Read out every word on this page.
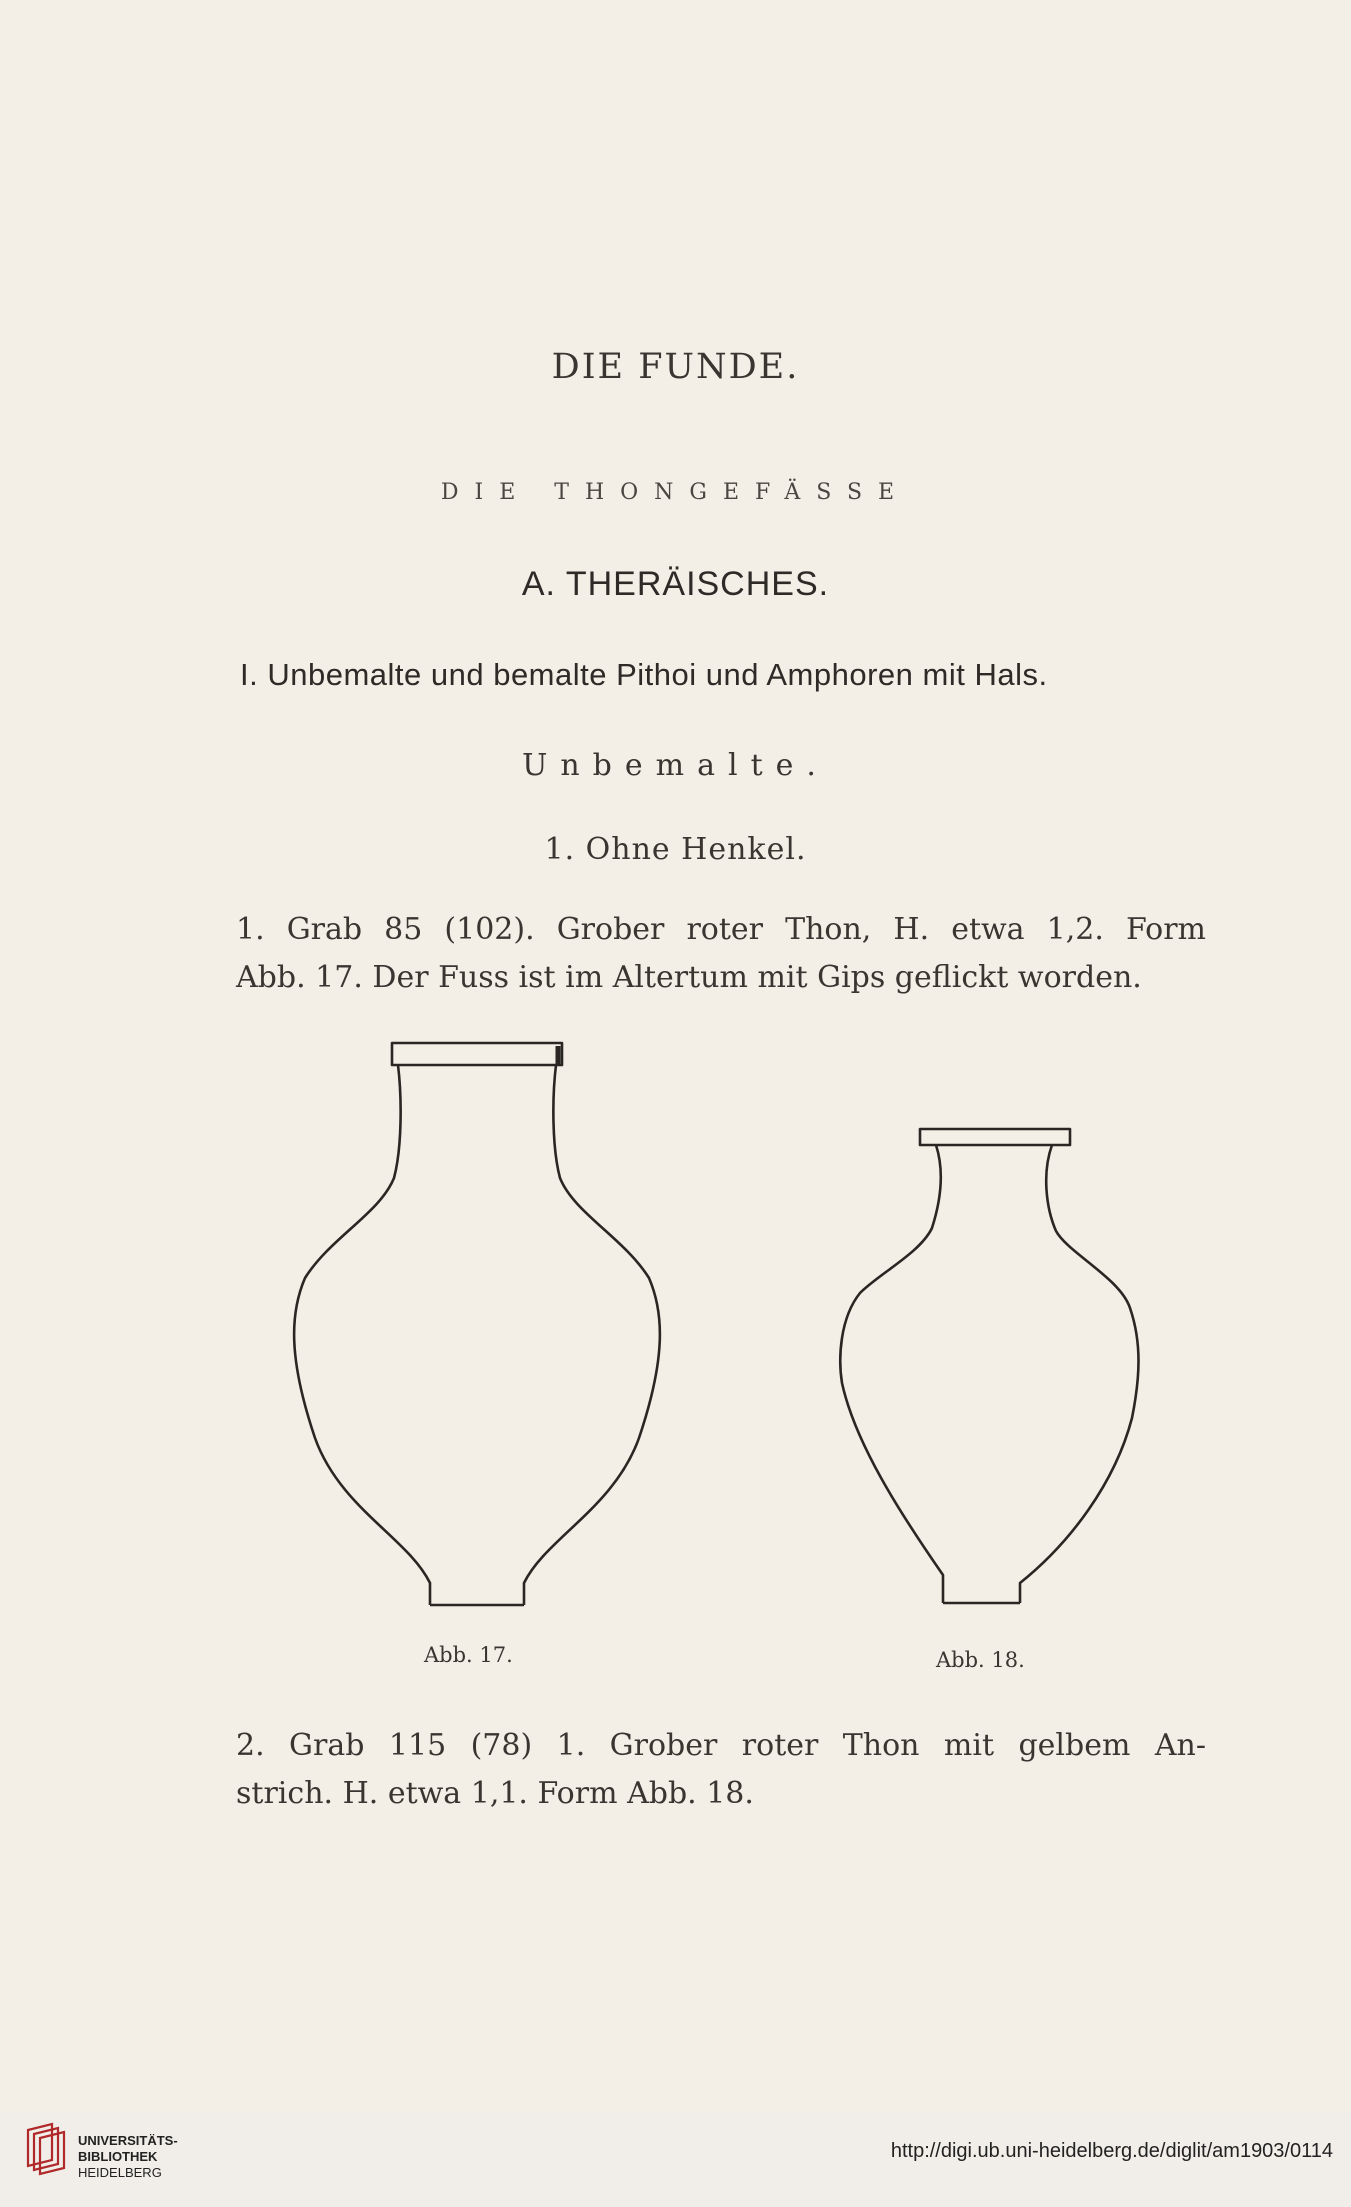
DIE FUNDE.
DIE THONGEFÄSSE
A. THERÄISCHES.
I. Unbemalte und bemalte Pithoi und Amphoren mit Hals.
Unbemalte.
1. Ohne Henkel.

1. Grab 85 (102). Grober roter Thon, H. etwa 1,2. Form

Abb. 17. Der Fuss ist im Altertum mit Gips geflickt worden.

Abb. 17.	Abb. 18.

2. Grab 115 (78) 1. Grober roter Thon mit gelbem An-

strich. H. etwa 1,1. Form Abb. 18.

UNIVERSITÄTS-
BIBLIOTHEK
HEIDELBERG
http://digi.ub.uni-heidelberg.de/diglit/am1903/0114
